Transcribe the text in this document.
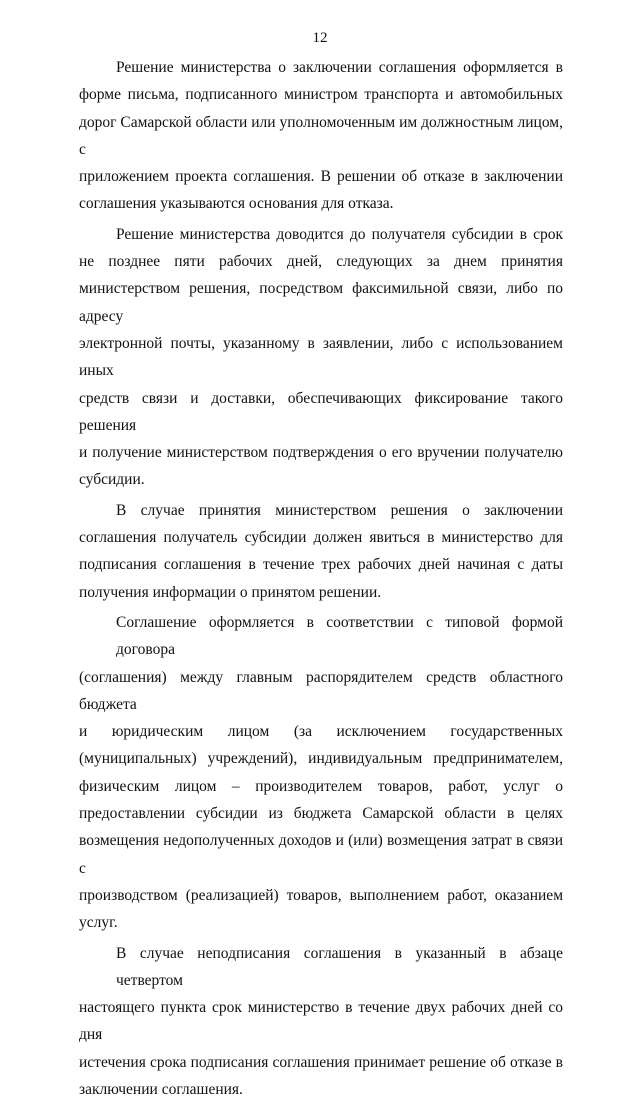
12

Решение министерства о заключении соглашения оформляется в
форме письма, подписанного министром транспорта и автомобильных
дорог Самарской области или уполномоченным им должностным лицом, с
приложением проекта соглашения. В решении об отказе в заключении
соглашения указываются основания для отказа.

Решение министерства доводится до получателя субсидии в срок
не позднее пяти рабочих дней, следующих за днем принятия
министерством решения, посредством факсимильной связи, либо по адресу
электронной почты, указанному в заявлении, либо с использованием иных
средств связи и доставки, обеспечивающих фиксирование такого решения
и получение министерством подтверждения о его вручении получателю
субсидии.

В случае принятия министерством решения о заключении
соглашения получатель субсидии должен явиться в министерство для
подписания соглашения в течение трех рабочих дней начиная с даты
получения информации о принятом решении.

Соглашение оформляется в соответствии с типовой формой договора
(соглашения) между главным распорядителем средств областного бюджета
и юридическим лицом (за исключением государственных
(муниципальных) учреждений), индивидуальным предпринимателем,
физическим лицом – производителем товаров, работ, услуг о
предоставлении субсидии из бюджета Самарской области в целях
возмещения недополученных доходов и (или) возмещения затрат в связи с
производством (реализацией) товаров, выполнением работ, оказанием
услуг.

В случае неподписания соглашения в указанный в абзаце четвертом
настоящего пункта срок министерство в течение двух рабочих дней со дня
истечения срока подписания соглашения принимает решение об отказе в
заключении соглашения.
